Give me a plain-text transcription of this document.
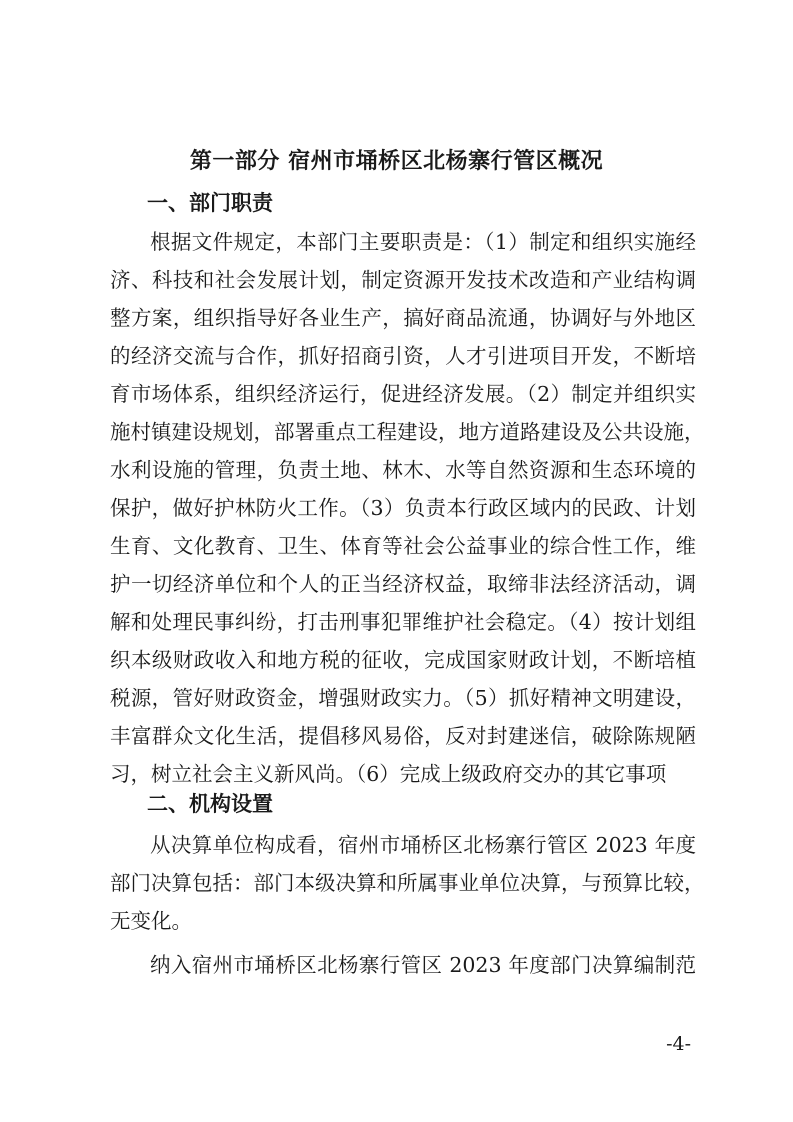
第一部分 宿州市埇桥区北杨寨行管区概况
一、部门职责
根据文件规定，本部门主要职责是：（1）制定和组织实施经
济、科技和社会发展计划，制定资源开发技术改造和产业结构调
整方案，组织指导好各业生产，搞好商品流通，协调好与外地区
的经济交流与合作，抓好招商引资，人才引进项目开发，不断培
育市场体系，组织经济运行，促进经济发展。（2）制定并组织实
施村镇建设规划，部署重点工程建设，地方道路建设及公共设施，
水利设施的管理，负责土地、林木、水等自然资源和生态环境的
保护，做好护林防火工作。（3）负责本行政区域内的民政、计划
生育、文化教育、卫生、体育等社会公益事业的综合性工作，维
护一切经济单位和个人的正当经济权益，取缔非法经济活动，调
解和处理民事纠纷，打击刑事犯罪维护社会稳定。（4）按计划组
织本级财政收入和地方税的征收，完成国家财政计划，不断培植
税源，管好财政资金，增强财政实力。（5）抓好精神文明建设，
丰富群众文化生活，提倡移风易俗，反对封建迷信，破除陈规陋
习，树立社会主义新风尚。（6）完成上级政府交办的其它事项
二、机构设置
从决算单位构成看，宿州市埇桥区北杨寨行管区 2023 年度
部门决算包括：部门本级决算和所属事业单位决算，与预算比较，
无变化。
纳入宿州市埇桥区北杨寨行管区 2023 年度部门决算编制范
-4-
